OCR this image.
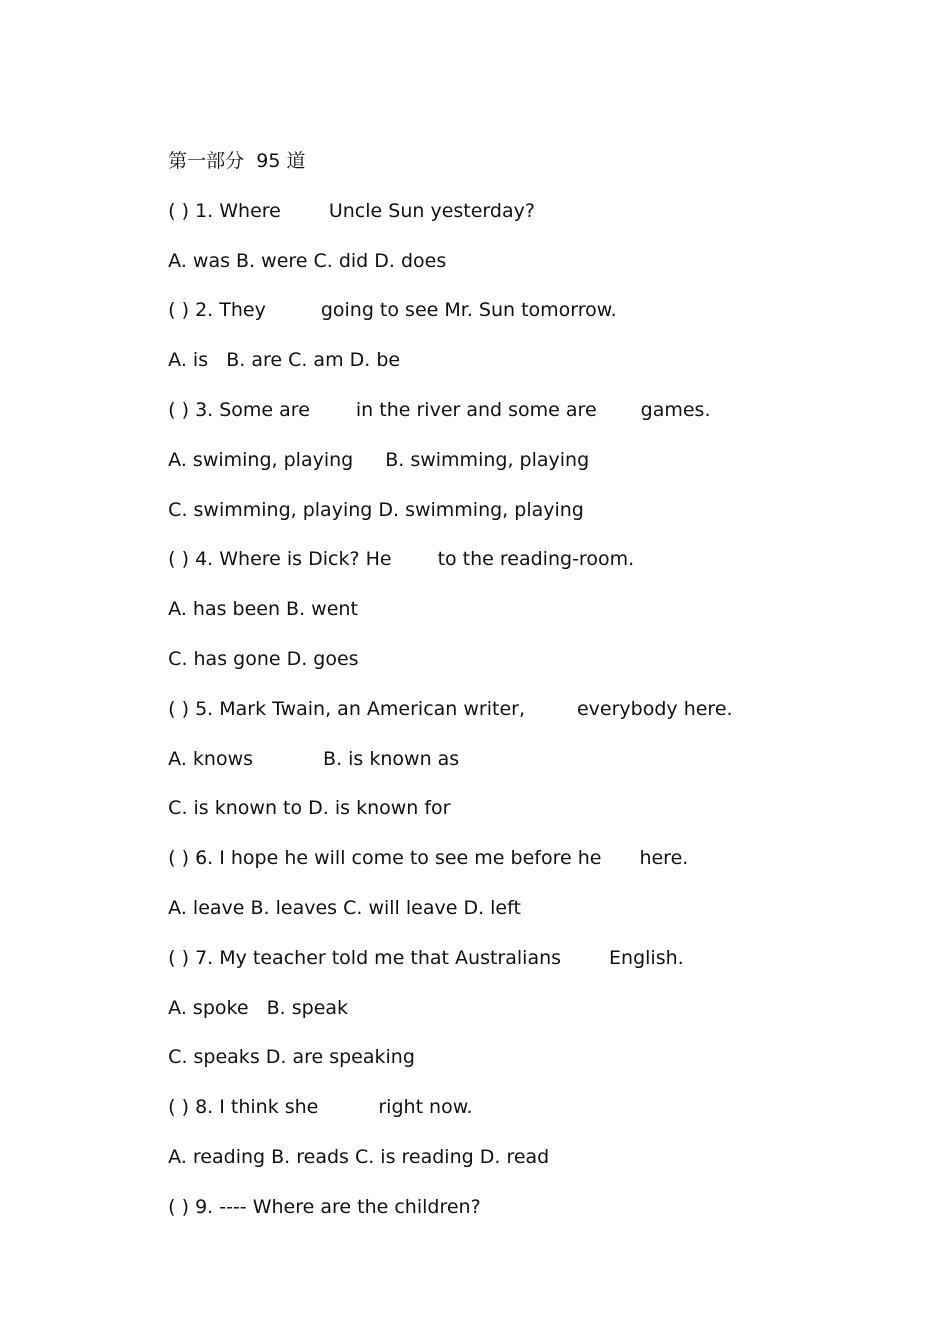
第一部分  95 道

( ) 1. Where	Uncle Sun yesterday?

A. was B. were C. did D. does

( ) 2. They	going to see Mr. Sun tomorrow.

A. is   B. are C. am D. be

( ) 3. Some are in the river and some are games.

A. swiming, playing B. swimming, playing

C. swimming, playing D. swimming, playing

( ) 4. Where is Dick? He to the reading-room.

A. has been B. went

C. has gone D. goes

( ) 5. Mark Twain, an American writer,	everybody here.

A. knows	B. is known as

C. is known to D. is known for

( ) 6. I hope he will come to see me before he here.

A. leave B. leaves C. will leave D. left

( ) 7. My teacher told me that Australians	English.

A. spoke   B. speak

C. speaks D. are speaking

( ) 8. I think she	right now.

A. reading B. reads C. is reading D. read

( ) 9. ---- Where are the children?
